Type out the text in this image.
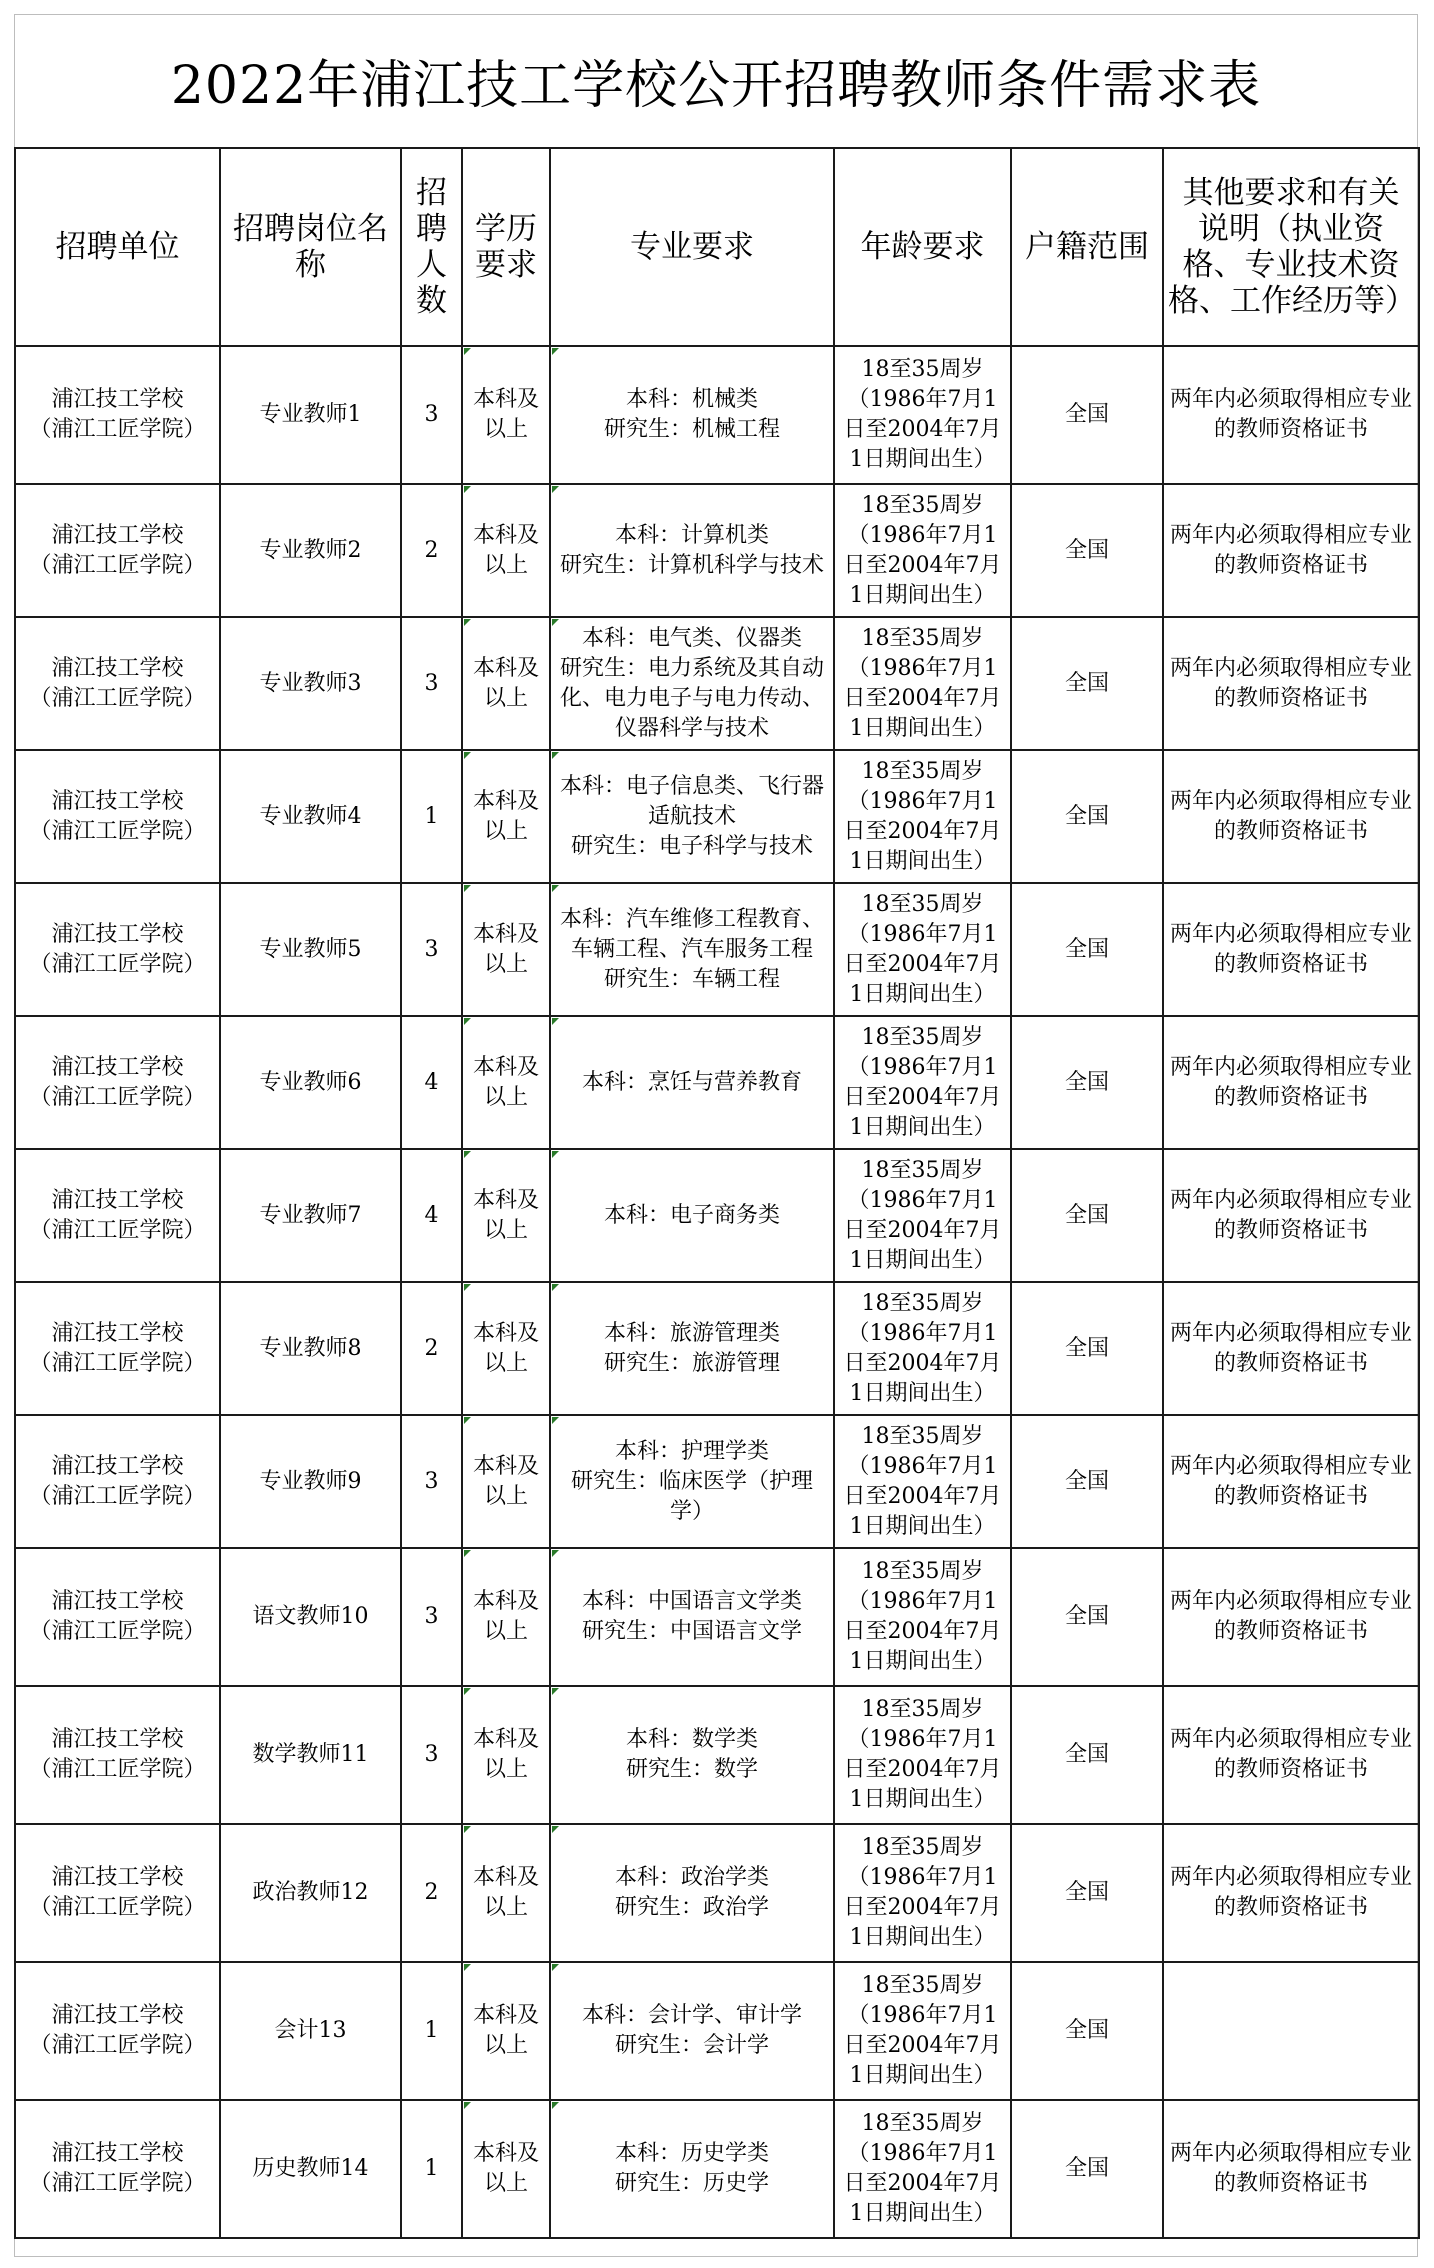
2022年浦江技工学校公开招聘教师条件需求表
招聘单位	招聘岗位名称	招聘人数	学历要求	专业要求	年龄要求	户籍范围	其他要求和有关说明（执业资格、专业技术资格、工作经历等）

浦江技工学校
（浦江工匠学院）	专业教师1	3	本科及以上	本科：机械类
研究生：机械工程	18至35周岁（1986年7月1日至2004年7月1日期间出生）	全国	两年内必须取得相应专业的教师资格证书

浦江技工学校
（浦江工匠学院）	专业教师2	2	本科及以上	本科：计算机类
研究生：计算机科学与技术	18至35周岁（1986年7月1日至2004年7月1日期间出生）	全国	两年内必须取得相应专业的教师资格证书

浦江技工学校
（浦江工匠学院）	专业教师3	3	本科及以上	本科：电气类、仪器类
研究生：电力系统及其自动化、电力电子与电力传动、仪器科学与技术	18至35周岁（1986年7月1日至2004年7月1日期间出生）	全国	两年内必须取得相应专业的教师资格证书

浦江技工学校
（浦江工匠学院）	专业教师4	1	本科及以上	本科：电子信息类、飞行器适航技术
研究生：电子科学与技术	18至35周岁（1986年7月1日至2004年7月1日期间出生）	全国	两年内必须取得相应专业的教师资格证书

浦江技工学校
（浦江工匠学院）	专业教师5	3	本科及以上	本科：汽车维修工程教育、车辆工程、汽车服务工程
研究生：车辆工程	18至35周岁（1986年7月1日至2004年7月1日期间出生）	全国	两年内必须取得相应专业的教师资格证书

浦江技工学校
（浦江工匠学院）	专业教师6	4	本科及以上	本科：烹饪与营养教育	18至35周岁（1986年7月1日至2004年7月1日期间出生）	全国	两年内必须取得相应专业的教师资格证书

浦江技工学校
（浦江工匠学院）	专业教师7	4	本科及以上	本科：电子商务类	18至35周岁（1986年7月1日至2004年7月1日期间出生）	全国	两年内必须取得相应专业的教师资格证书

浦江技工学校
（浦江工匠学院）	专业教师8	2	本科及以上	本科：旅游管理类
研究生：旅游管理	18至35周岁（1986年7月1日至2004年7月1日期间出生）	全国	两年内必须取得相应专业的教师资格证书

浦江技工学校
（浦江工匠学院）	专业教师9	3	本科及以上	本科：护理学类
研究生：临床医学（护理学）	18至35周岁（1986年7月1日至2004年7月1日期间出生）	全国	两年内必须取得相应专业的教师资格证书

浦江技工学校
（浦江工匠学院）	语文教师10	3	本科及以上	本科：中国语言文学类
研究生：中国语言文学	18至35周岁（1986年7月1日至2004年7月1日期间出生）	全国	两年内必须取得相应专业的教师资格证书

浦江技工学校
（浦江工匠学院）	数学教师11	3	本科及以上	本科：数学类
研究生：数学	18至35周岁（1986年7月1日至2004年7月1日期间出生）	全国	两年内必须取得相应专业的教师资格证书

浦江技工学校
（浦江工匠学院）	政治教师12	2	本科及以上	本科：政治学类
研究生：政治学	18至35周岁（1986年7月1日至2004年7月1日期间出生）	全国	两年内必须取得相应专业的教师资格证书

浦江技工学校
（浦江工匠学院）	会计13	1	本科及以上	本科：会计学、审计学
研究生：会计学	18至35周岁（1986年7月1日至2004年7月1日期间出生）	全国	

浦江技工学校
（浦江工匠学院）	历史教师14	1	本科及以上	本科：历史学类
研究生：历史学	18至35周岁（1986年7月1日至2004年7月1日期间出生）	全国	两年内必须取得相应专业的教师资格证书
